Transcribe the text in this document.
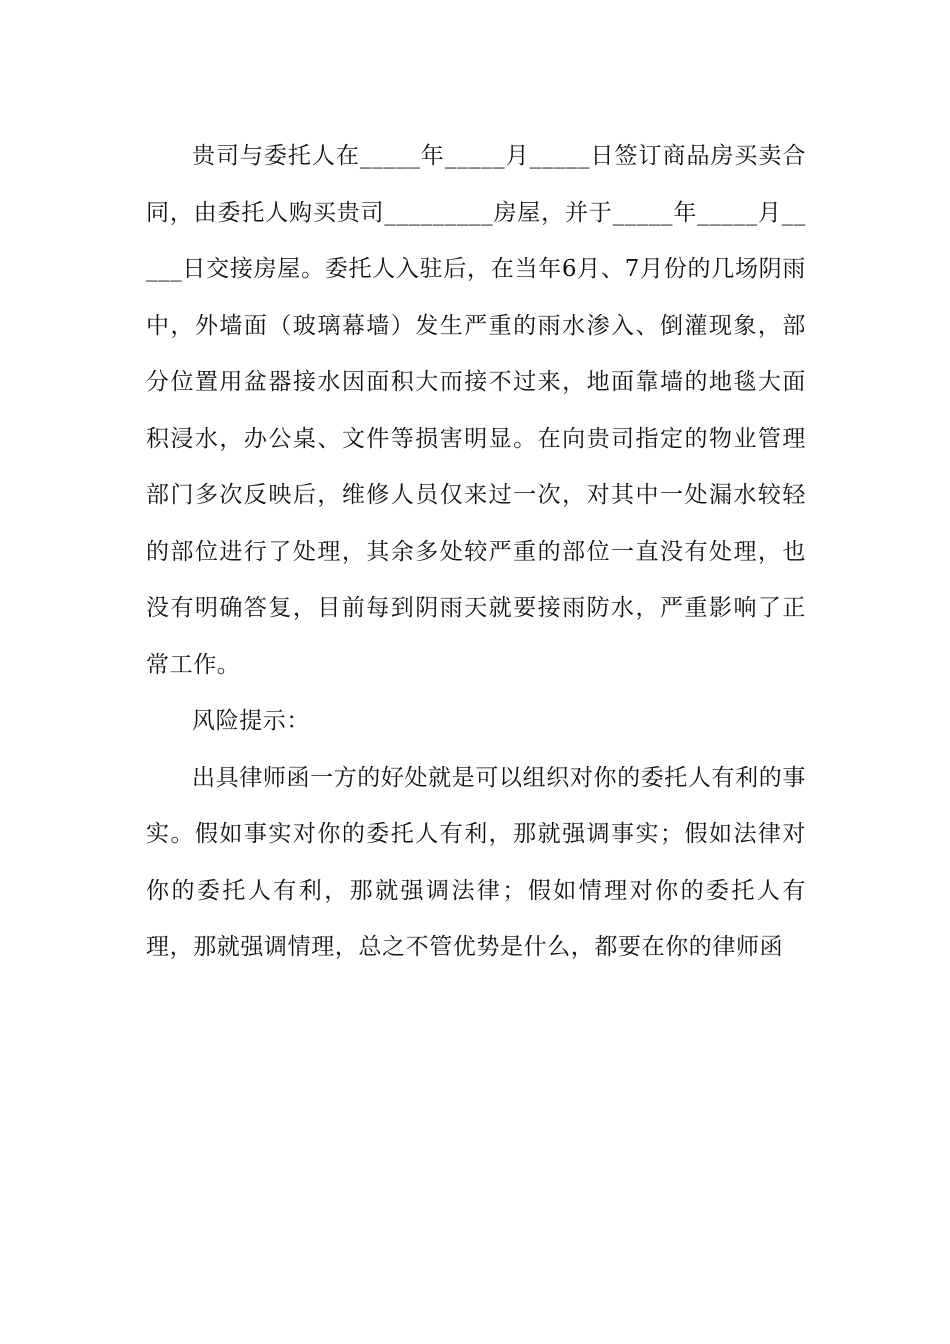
贵司与委托人在_____年_____月_____日签订商品房买卖合同，由委托人购买贵司_________房屋，并于_____年_____月_____日交接房屋。委托人入驻后，在当年6月、7月份的几场阴雨中，外墙面（玻璃幕墙）发生严重的雨水渗入、倒灌现象，部分位置用盆器接水因面积大而接不过来，地面靠墙的地毯大面积浸水，办公桌、文件等损害明显。在向贵司指定的物业管理部门多次反映后，维修人员仅来过一次，对其中一处漏水较轻的部位进行了处理，其余多处较严重的部位一直没有处理，也没有明确答复，目前每到阴雨天就要接雨防水，严重影响了正常工作。

风险提示：

出具律师函一方的好处就是可以组织对你的委托人有利的事实。假如事实对你的委托人有利，那就强调事实；假如法律对你的委托人有利，那就强调法律；假如情理对你的委托人有理，那就强调情理，总之不管优势是什么，都要在你的律师函
